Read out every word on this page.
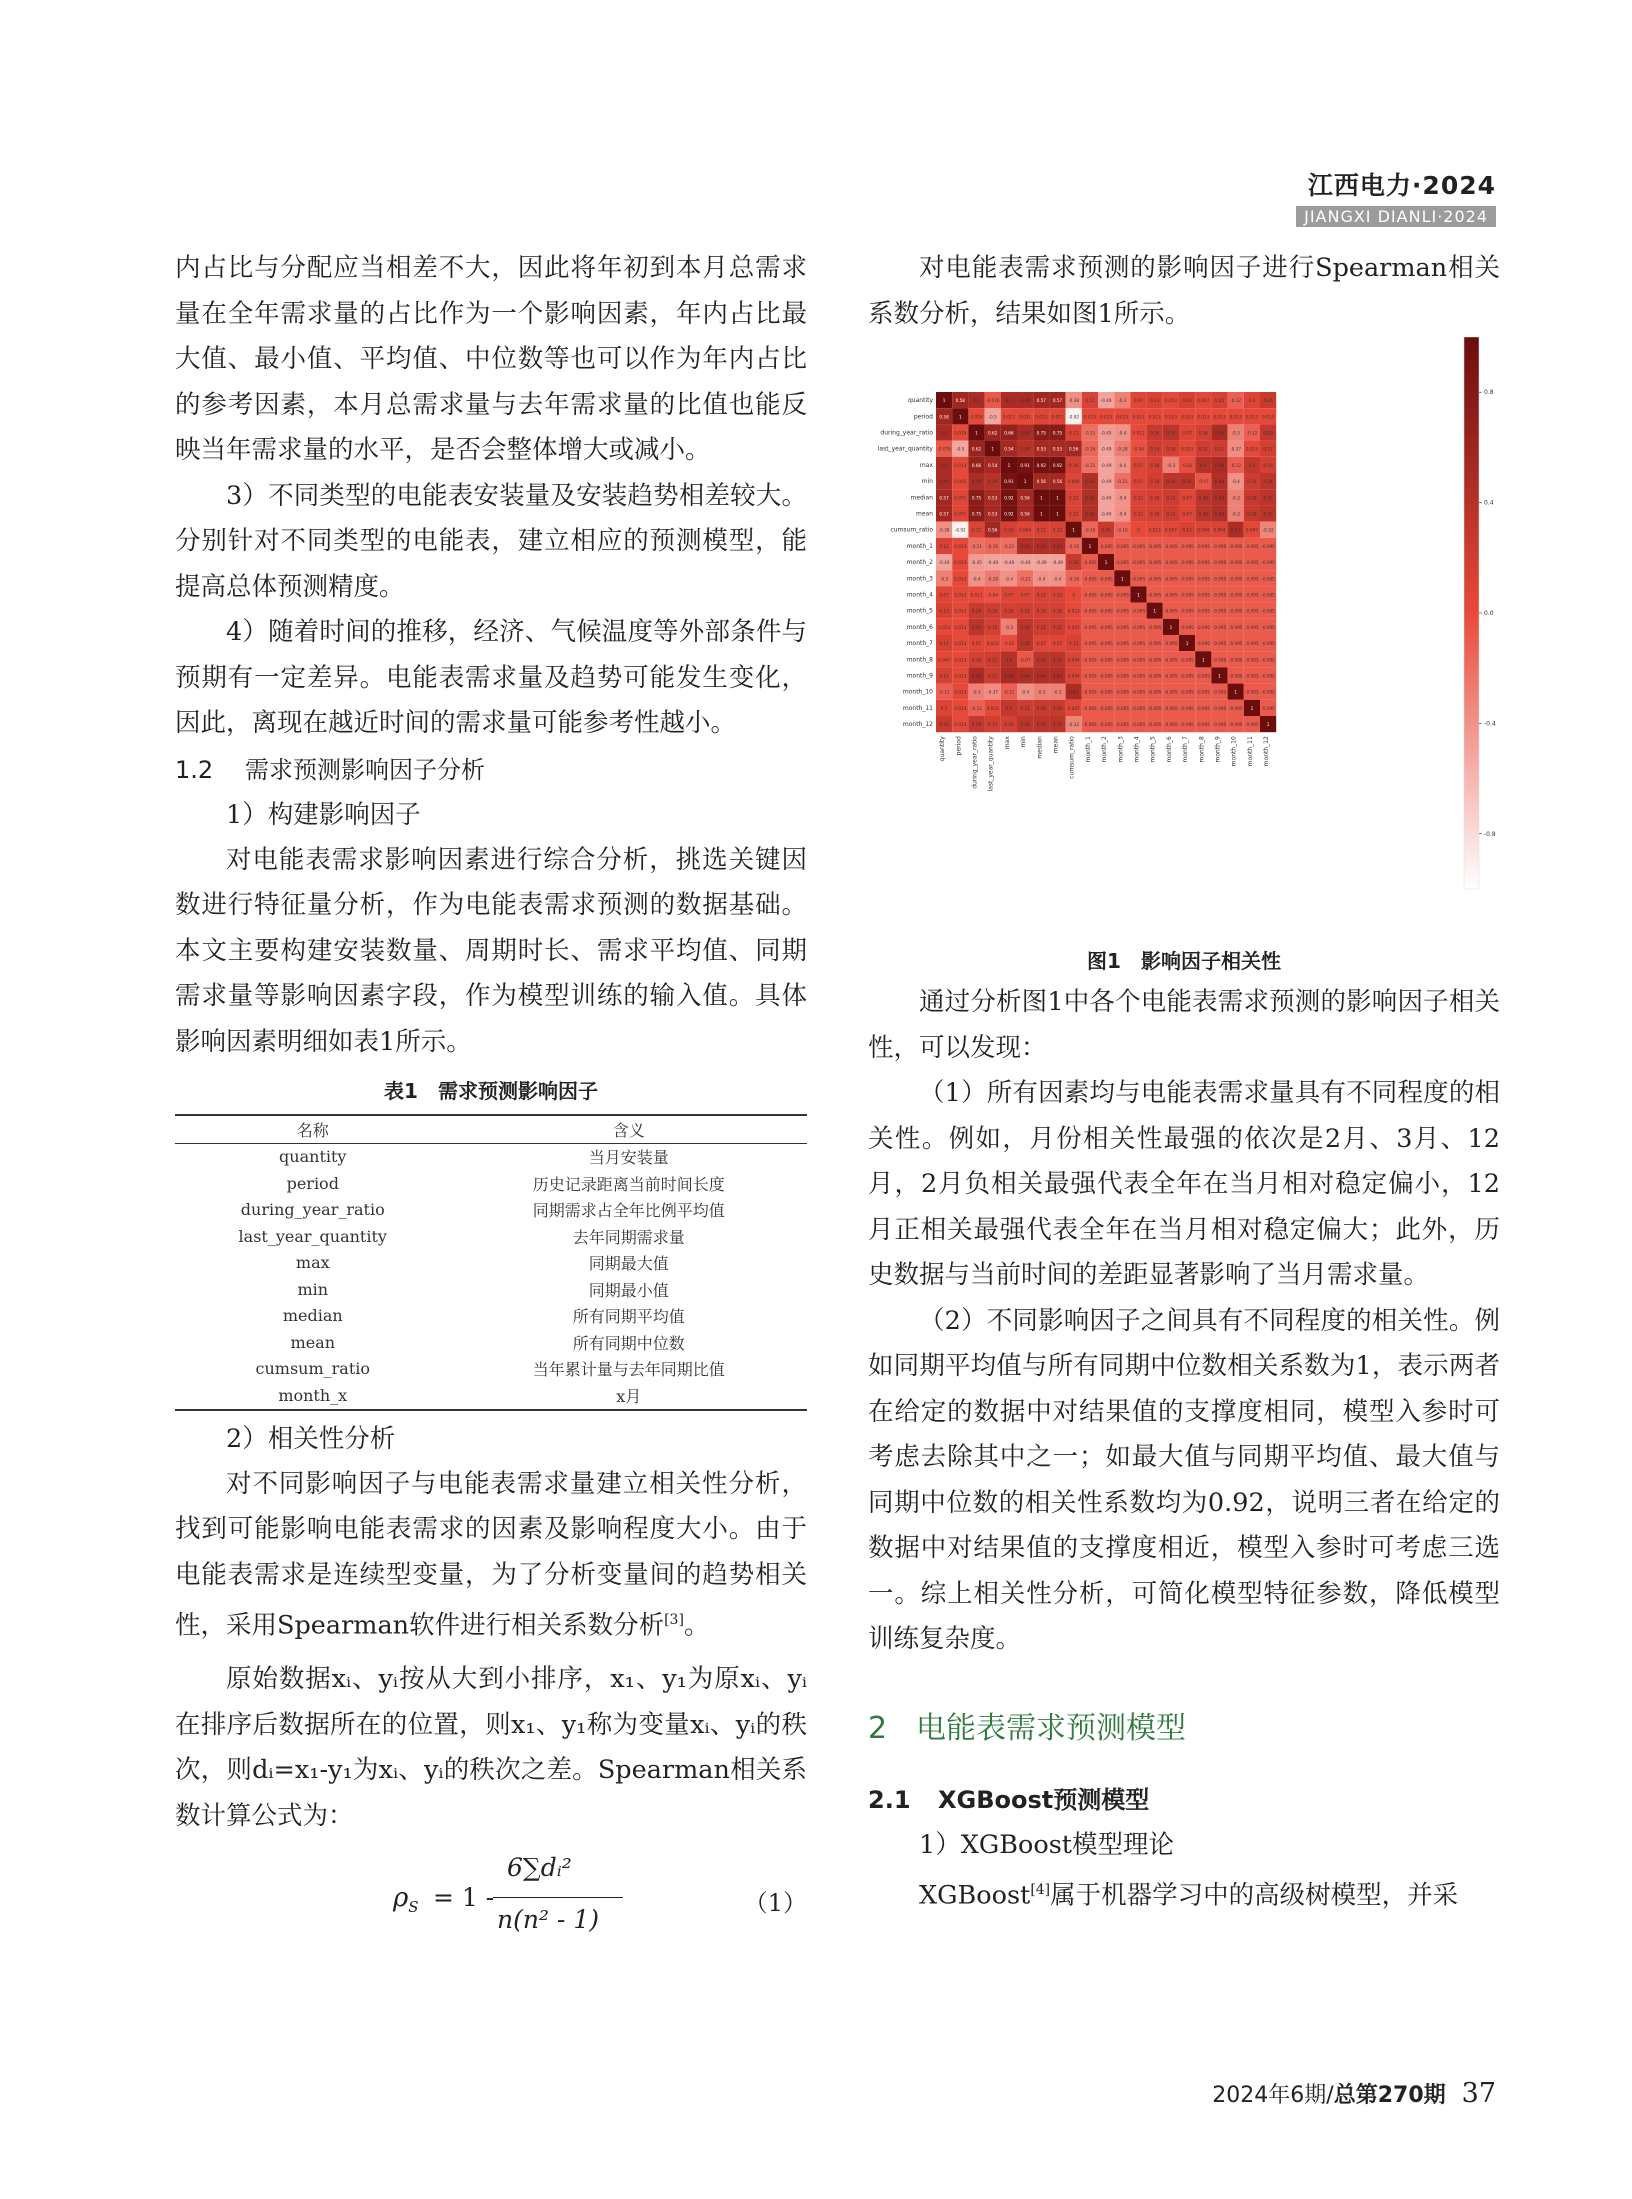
江西电力·2024
JIANGXI DIANLI·2024

内占比与分配应当相差不大，因此将年初到本月总需求量在全年需求量的占比作为一个影响因素，年内占比最大值、最小值、平均值、中位数等也可以作为年内占比的参考因素，本月总需求量与去年需求量的比值也能反映当年需求量的水平，是否会整体增大或减小。

3）不同类型的电能表安装量及安装趋势相差较大。分别针对不同类型的电能表，建立相应的预测模型，能提高总体预测精度。

4）随着时间的推移，经济、气候温度等外部条件与预期有一定差异。电能表需求量及趋势可能发生变化，因此，离现在越近时间的需求量可能参考性越小。

1.2 需求预测影响因子分析

1）构建影响因子

对电能表需求影响因素进行综合分析，挑选关键因数进行特征量分析，作为电能表需求预测的数据基础。本文主要构建安装数量、周期时长、需求平均值、同期需求量等影响因素字段，作为模型训练的输入值。具体影响因素明细如表1所示。

表1　需求预测影响因子

名称	含义
quantity	当月安装量
period	历史记录距离当前时间长度
during_year_ratio	同期需求占全年比例平均值
last_year_quantity	去年同期需求量
max	同期最大值
min	同期最小值
median	所有同期平均值
mean	所有同期中位数
cumsum_ratio	当年累计量与去年同期比值
month_x	x月

2）相关性分析

对不同影响因子与电能表需求量建立相关性分析，找到可能影响电能表需求的因素及影响程度大小。由于电能表需求是连续型变量，为了分析变量间的趋势相关性，采用Spearman软件进行相关系数分析[3]。

原始数据xᵢ、yᵢ按从大到小排序，x₁、y₁为原xᵢ、yᵢ在排序后数据所在的位置，则x₁、y₁称为变量xᵢ、yᵢ的秩次，则dᵢ=x₁-y₁为xᵢ、yᵢ的秩次之差。Spearman相关系数计算公式为：

$\rho_S = 1$ -
6∑dᵢ²
n(n² - 1)
（1）

对电能表需求预测的影响因子进行Spearman相关系数分析，结果如图1所示。

1 0.58 0.5 -0.076 0.5 0.49 0.57 0.57 -0.38 0.12 -0.49 -0.3 0.07 0.13 0.013 0.14 0.047 0.15 -0.12 0.1 0.26
quantity
quantity
0.58 1 0.019 -0.5 0.013 0.031 0.071 0.071 -0.92 0.013 0.013 0.013 0.013 0.013 0.013 0.013 0.013 0.013 0.013 0.013 0.013
period
period
0.5 0.019 1 0.62 0.66 0.49 0.75 0.75 0.11 -0.21 -0.45 -0.4 0.011 0.26 0.35 0.07 0.16 0.49 -0.3 -0.12 0.29
during_year_ratio
during_year_ratio
-0.076 -0.5 0.62 1 0.54 0.39 0.53 0.53 0.56 -0.16 -0.49 -0.28 -0.04 0.19 0.16 0.023 0.21 0.21 -0.37 0.023 0.17
last_year_quantity
last_year_quantity
0.5 0.013 0.66 0.54 1 0.91 0.92 0.92 0.16 -0.21 -0.49 -0.4 0.07 0.16 -0.3 -0.02 0.4 0.49 -0.12 0.3 0.16
max
max
0.49 0.031 0.49 0.39 0.91 1 0.56 0.56 0.064 0.44 -0.49 -0.21 0.07 0.18 0.34 0.35 -0.07 0.44 -0.4 0.21 0.34
min
min
0.57 0.071 0.75 0.53 0.92 0.56 1	1 0.12 0.44 -0.49 -0.4 0.12 0.16 0.21 0.07 0.35 0.44 -0.3 0.26 0.35
median
median
0.57 0.071 0.75 0.53 0.92 0.56 1	1 0.12 0.44 -0.49 -0.4 0.12 0.16 0.21 0.07 0.35 0.44 -0.3 0.26 0.35
mean
mean
-0.38 -0.92 0.11 0.56 0.16 0.064 0.12 0.12 1 -0.16 0.26 -0.16 0 0.023 0.047 0.13 0.094 0.094 0.47 0.047 -0.32
cumsum_ratio
cumsum_ratio
0.12 0.013 -0.21 -0.16 -0.21 0.44 0.44 0.44 -0.16 1 -0.095 -0.095 -0.095 -0.095 -0.095 -0.095 -0.095 -0.095 -0.095 -0.095 -0.095
month_1
month_1
-0.49 0.013 -0.45 -0.49 -0.49 -0.49 -0.49 -0.49 0.26 -0.095 1 -0.095 -0.095 -0.095 -0.095 -0.095 -0.095 -0.095 -0.095 -0.095 -0.095
month_2
month_2
-0.3 0.013 -0.4 -0.28 -0.4 -0.21 -0.4 -0.4 -0.16 -0.095 -0.095 1 -0.095 -0.095 -0.095 -0.095 -0.095 -0.095 -0.095 -0.095 -0.095
month_3
month_3
0.07 0.013 0.011 -0.04 0.07 0.07 0.12 0.12 0 -0.095 -0.095 -0.095 1 -0.095 -0.095 -0.095 -0.095 -0.095 -0.095 -0.095 -0.095
month_4
month_4
0.13 0.013 0.26 0.19 0.16 0.18 0.16 0.16 0.023 -0.095 -0.095 -0.095 -0.095 1 -0.095 -0.095 -0.095 -0.095 -0.095 -0.095 -0.095
month_5
month_5
0.013 0.013 0.35 0.16 -0.3 0.34 0.21 0.21 0.047 -0.095 -0.095 -0.095 -0.095 -0.095 1 -0.095 -0.095 -0.095 -0.095 -0.095 -0.095
month_6
month_6
0.14 0.013 0.07 0.023 -0.02 0.35 0.07 0.07 0.13 -0.095 -0.095 -0.095 -0.095 -0.095 -0.095 1 -0.095 -0.095 -0.095 -0.095 -0.095
month_7
month_7
0.047 0.013 0.16 0.21 0.4 -0.07 0.35 0.35 0.094 -0.095 -0.095 -0.095 -0.095 -0.095 -0.095 -0.095 1 -0.095 -0.095 -0.095 -0.095
month_8
month_8
0.15 0.013 0.49 0.21 0.49 0.44 0.44 0.44 0.094 -0.095 -0.095 -0.095 -0.095 -0.095 -0.095 -0.095 -0.095 1 -0.095 -0.095 -0.095
month_9
month_9
-0.12 0.013 -0.3 -0.37 -0.12 -0.4 -0.3 -0.3 0.47 -0.095 -0.095 -0.095 -0.095 -0.095 -0.095 -0.095 -0.095 -0.095 1 -0.095 -0.095
month_10
month_10
0.1 0.013 -0.12 0.023 0.3 0.21 0.26 0.26 0.047 -0.095 -0.095 -0.095 -0.095 -0.095 -0.095 -0.095 -0.095 -0.095 -0.095 1 -0.095
month_11
month_11
0.26 0.013 0.29 0.17 0.16 0.34 0.35 0.35 -0.32 -0.095 -0.095 -0.095 -0.095 -0.095 -0.095 -0.095 -0.095 -0.095 -0.095 -0.095 1
month_12
month_12
0.8
0.4
0.0
-0.4
-0.8

图1　影响因子相关性

通过分析图1中各个电能表需求预测的影响因子相关性，可以发现：

（1）所有因素均与电能表需求量具有不同程度的相关性。例如，月份相关性最强的依次是2月、3月、12月，2月负相关最强代表全年在当月相对稳定偏小，12月正相关最强代表全年在当月相对稳定偏大；此外，历史数据与当前时间的差距显著影响了当月需求量。

（2）不同影响因子之间具有不同程度的相关性。例如同期平均值与所有同期中位数相关系数为1，表示两者在给定的数据中对结果值的支撑度相同，模型入参时可考虑去除其中之一；如最大值与同期平均值、最大值与同期中位数的相关性系数均为0.92，说明三者在给定的数据中对结果值的支撑度相近，模型入参时可考虑三选一。综上相关性分析，可简化模型特征参数，降低模型训练复杂度。

2 电能表需求预测模型

2.1 XGBoost预测模型

1）XGBoost模型理论

XGBoost[4]属于机器学习中的高级树模型，并采

2024年6期/总第270期 37
